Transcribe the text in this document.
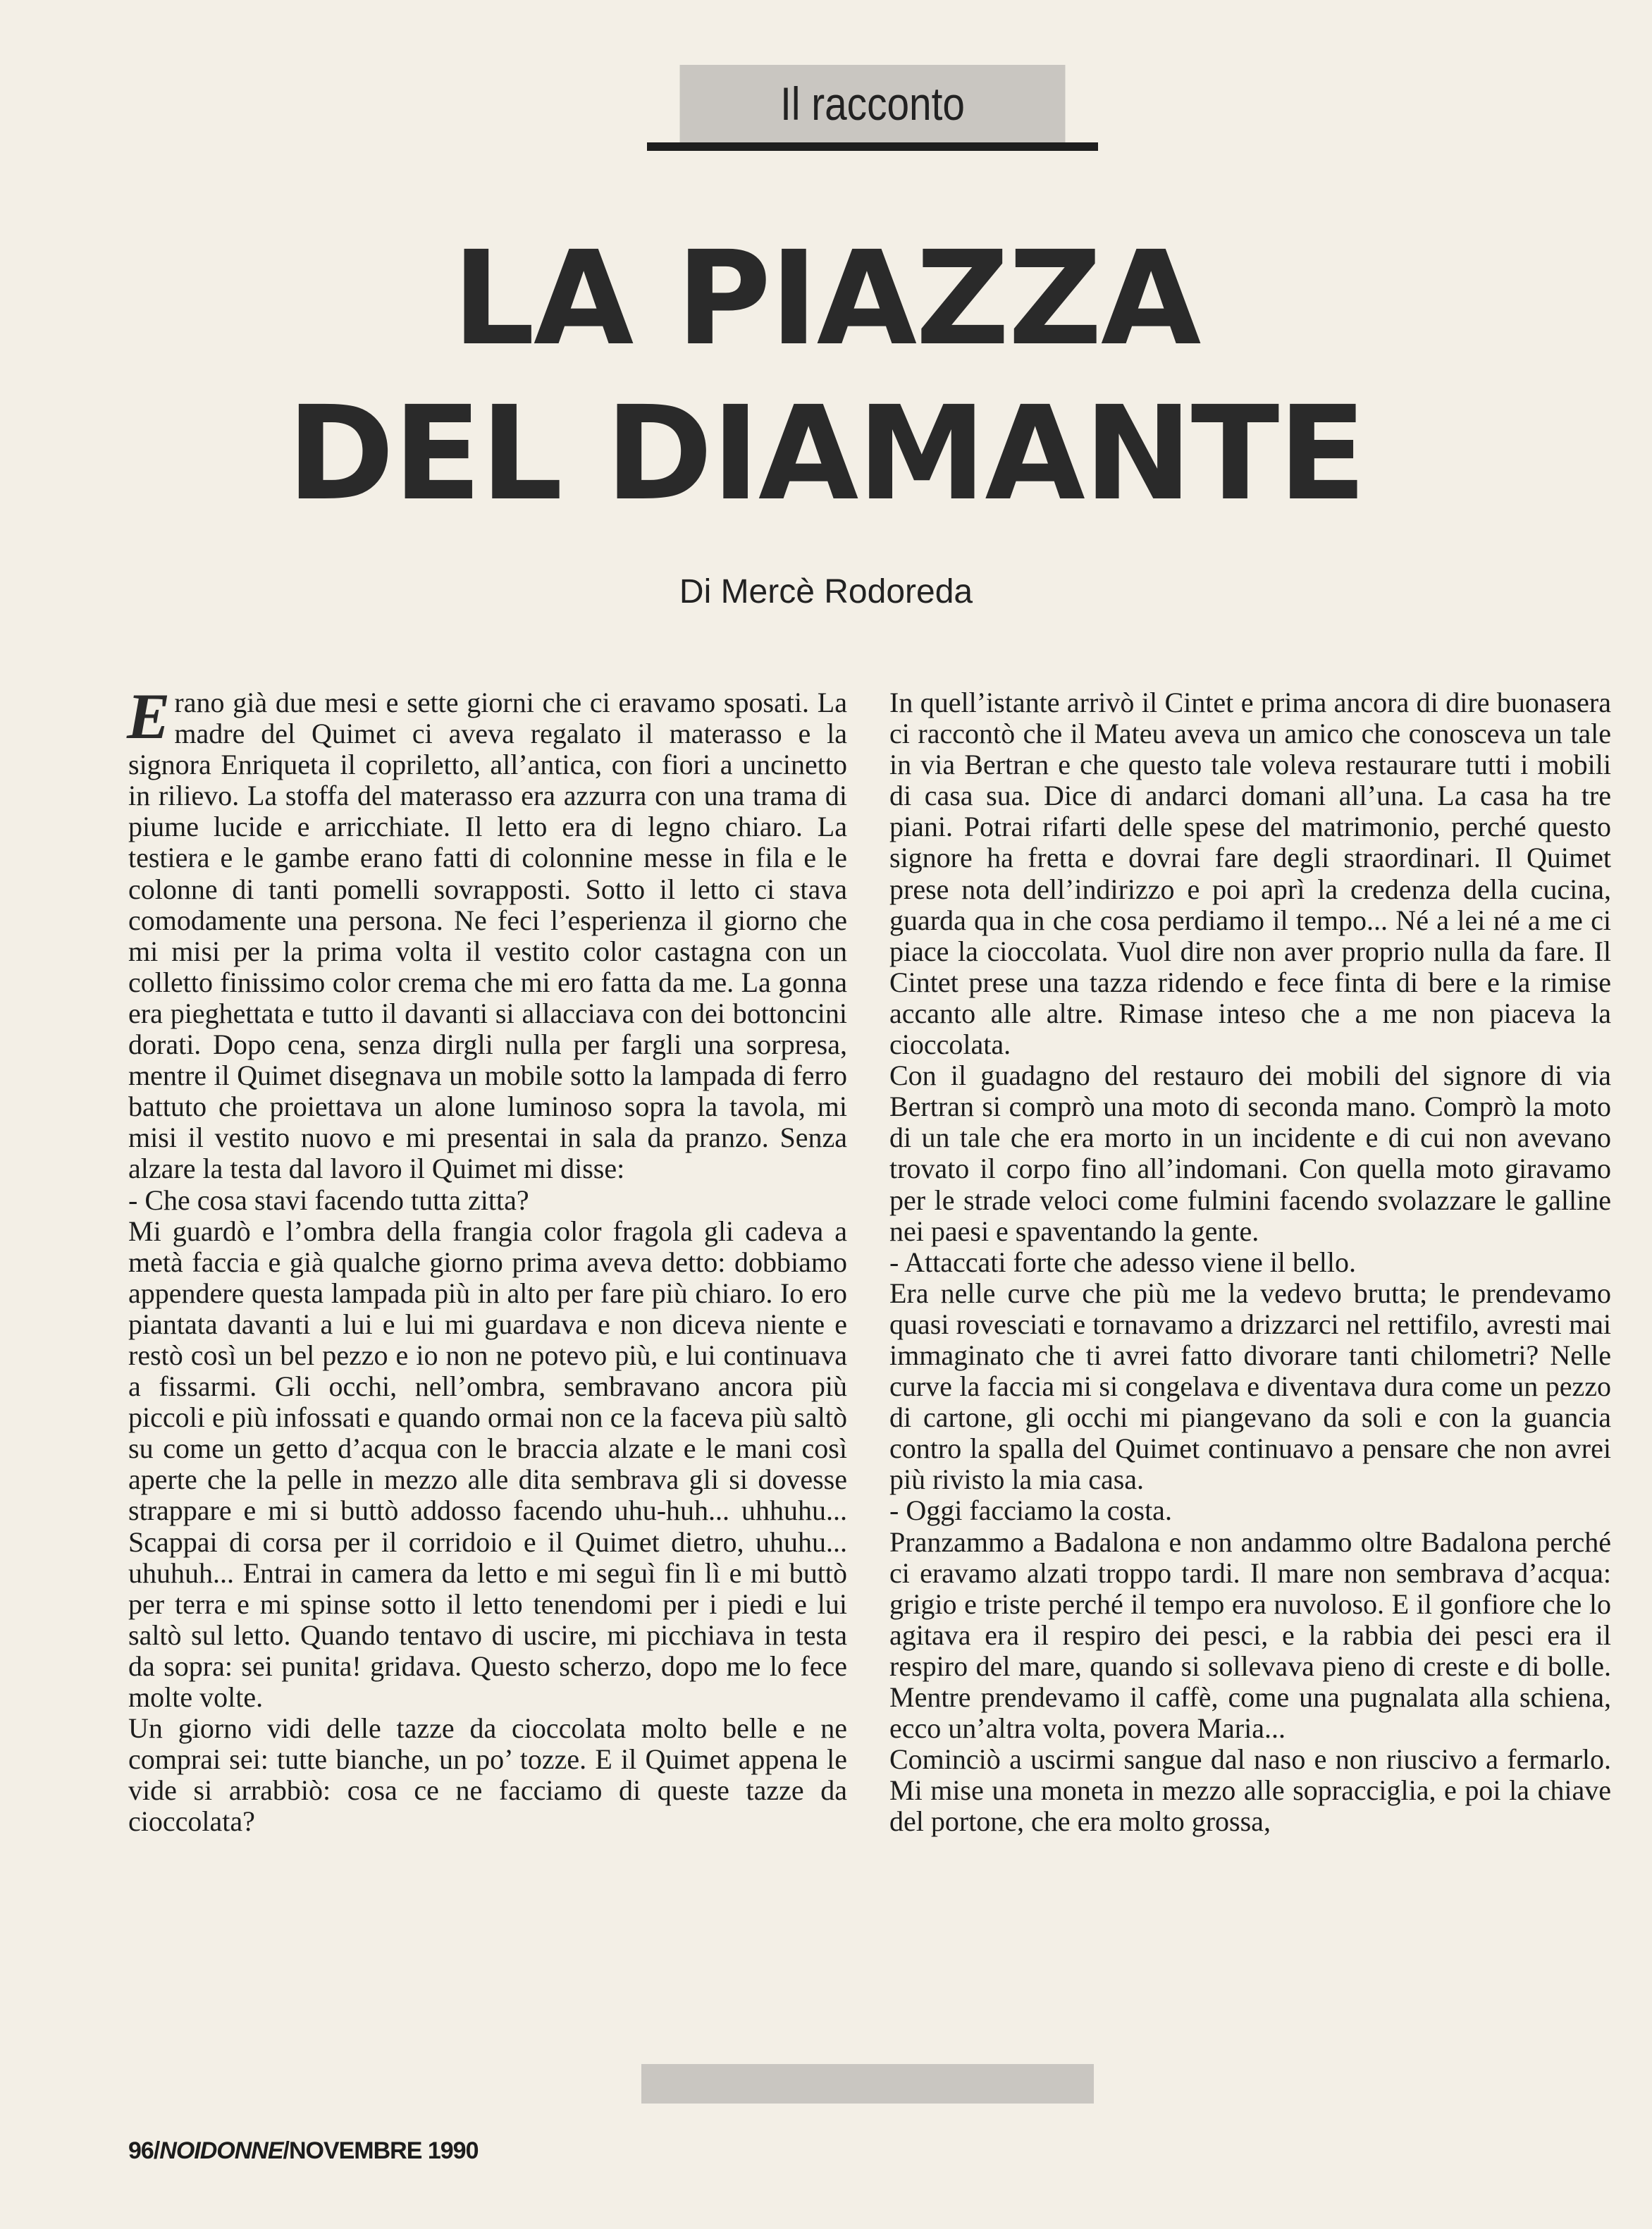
Il racconto
LA PIAZZA
DEL DIAMANTE
Di Mercè Rodoreda

Erano già due mesi e sette giorni che ci eravamo sposati. La madre del Quimet ci aveva regalato il materasso e la signora Enriqueta il copriletto, all’antica, con fiori a uncinetto in rilievo. La stoffa del materasso era azzurra con una trama di piume lucide e arricchiate. Il letto era di legno chiaro. La testiera e le gambe erano fatti di colonnine messe in fila e le colonne di tanti pomelli sovrapposti. Sotto il letto ci stava comodamente una persona. Ne feci l’esperienza il giorno che mi misi per la prima volta il vestito color castagna con un colletto finissimo color crema che mi ero fatta da me. La gonna era pieghettata e tutto il davanti si allacciava con dei bottoncini dorati. Dopo cena, senza dirgli nulla per fargli una sorpresa, mentre il Quimet disegnava un mobile sotto la lampada di ferro battuto che proiettava un alone luminoso sopra la tavola, mi misi il vestito nuovo e mi presentai in sala da pranzo. Senza alzare la testa dal lavoro il Quimet mi disse:

- Che cosa stavi facendo tutta zitta?

Mi guardò e l’ombra della frangia color fragola gli cadeva a metà faccia e già qualche giorno prima aveva detto: dobbiamo appendere questa lampada più in alto per fare più chiaro. Io ero piantata davanti a lui e lui mi guardava e non diceva niente e restò così un bel pezzo e io non ne potevo più, e lui continuava a fissarmi. Gli occhi, nell’ombra, sembravano ancora più piccoli e più infossati e quando ormai non ce la faceva più saltò su come un getto d’acqua con le braccia alzate e le mani così aperte che la pelle in mezzo alle dita sembrava gli si dovesse strappare e mi si buttò addosso facendo uhu-huh... uhhuhu... Scappai di corsa per il corridoio e il Quimet dietro, uhuhu... uhuhuh... Entrai in camera da letto e mi seguì fin lì e mi buttò per terra e mi spinse sotto il letto tenendomi per i piedi e lui saltò sul letto. Quando tentavo di uscire, mi picchiava in testa da sopra: sei punita! gridava. Questo scherzo, dopo me lo fece molte volte.

Un giorno vidi delle tazze da cioccolata molto belle e ne comprai sei: tutte bianche, un po’ tozze. E il Quimet appena le vide si arrabbiò: cosa ce ne facciamo di queste tazze da cioccolata?

In quell’istante arrivò il Cintet e prima ancora di dire buonasera ci raccontò che il Mateu aveva un amico che conosceva un tale in via Bertran e che questo tale voleva restaurare tutti i mobili di casa sua. Dice di andarci domani all’una. La casa ha tre piani. Potrai rifarti delle spese del matrimonio, perché questo signore ha fretta e dovrai fare degli straordinari. Il Quimet prese nota dell’indirizzo e poi aprì la credenza della cucina, guarda qua in che cosa perdiamo il tempo... Né a lei né a me ci piace la cioccolata. Vuol dire non aver proprio nulla da fare. Il Cintet prese una tazza ridendo e fece finta di bere e la rimise accanto alle altre. Rimase inteso che a me non piaceva la cioccolata.

Con il guadagno del restauro dei mobili del signore di via Bertran si comprò una moto di seconda mano. Comprò la moto di un tale che era morto in un incidente e di cui non avevano trovato il corpo fino all’indomani. Con quella moto giravamo per le strade veloci come fulmini facendo svolazzare le galline nei paesi e spaventando la gente.

- Attaccati forte che adesso viene il bello.

Era nelle curve che più me la vedevo brutta; le prendevamo quasi rovesciati e tornavamo a drizzarci nel rettifilo, avresti mai immaginato che ti avrei fatto divorare tanti chilometri? Nelle curve la faccia mi si congelava e diventava dura come un pezzo di cartone, gli occhi mi piangevano da soli e con la guancia contro la spalla del Quimet continuavo a pensare che non avrei più rivisto la mia casa.

- Oggi facciamo la costa.

Pranzammo a Badalona e non andammo oltre Badalona perché ci eravamo alzati troppo tardi. Il mare non sembrava d’acqua: grigio e triste perché il tempo era nuvoloso. E il gonfiore che lo agitava era il respiro dei pesci, e la rabbia dei pesci era il respiro del mare, quando si sollevava pieno di creste e di bolle. Mentre prendevamo il caffè, come una pugnalata alla schiena, ecco un’altra volta, povera Maria...

Cominciò a uscirmi sangue dal naso e non riuscivo a fermarlo. Mi mise una moneta in mezzo alle sopracciglia, e poi la chiave del portone, che era molto grossa,

96/NOIDONNE/NOVEMBRE 1990
